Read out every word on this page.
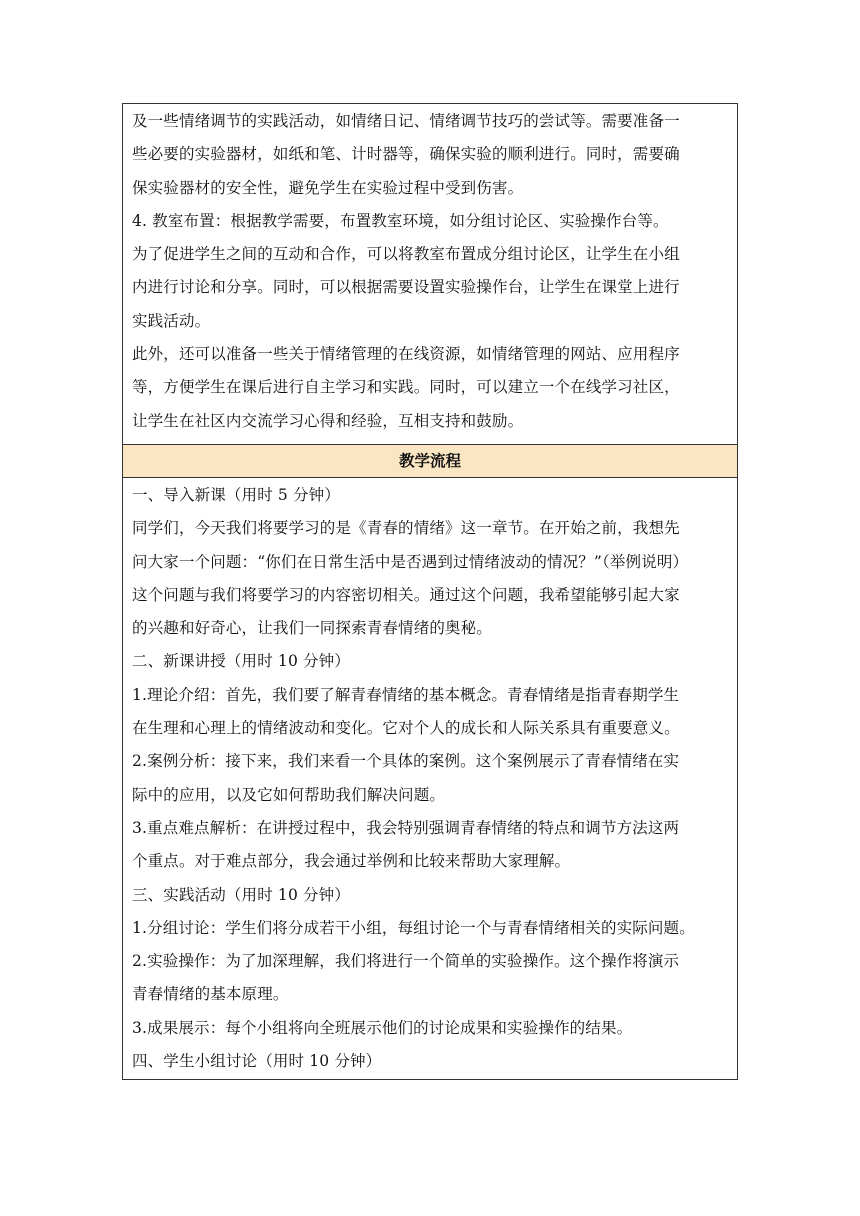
及一些情绪调节的实践活动，如情绪日记、情绪调节技巧的尝试等。需要准备一
些必要的实验器材，如纸和笔、计时器等，确保实验的顺利进行。同时，需要确
保实验器材的安全性，避免学生在实验过程中受到伤害。
4. 教室布置：根据教学需要，布置教室环境，如分组讨论区、实验操作台等。
为了促进学生之间的互动和合作，可以将教室布置成分组讨论区，让学生在小组
内进行讨论和分享。同时，可以根据需要设置实验操作台，让学生在课堂上进行
实践活动。
此外，还可以准备一些关于情绪管理的在线资源，如情绪管理的网站、应用程序
等，方便学生在课后进行自主学习和实践。同时，可以建立一个在线学习社区，
让学生在社区内交流学习心得和经验，互相支持和鼓励。
教学流程
一、导入新课（用时 5 分钟）
同学们，今天我们将要学习的是《青春的情绪》这一章节。在开始之前，我想先
问大家一个问题：“你们在日常生活中是否遇到过情绪波动的情况？”（举例说明）
这个问题与我们将要学习的内容密切相关。通过这个问题，我希望能够引起大家
的兴趣和好奇心，让我们一同探索青春情绪的奥秘。
二、新课讲授（用时 10 分钟）
1.理论介绍：首先，我们要了解青春情绪的基本概念。青春情绪是指青春期学生
在生理和心理上的情绪波动和变化。它对个人的成长和人际关系具有重要意义。
2.案例分析：接下来，我们来看一个具体的案例。这个案例展示了青春情绪在实
际中的应用，以及它如何帮助我们解决问题。
3.重点难点解析：在讲授过程中，我会特别强调青春情绪的特点和调节方法这两
个重点。对于难点部分，我会通过举例和比较来帮助大家理解。
三、实践活动（用时 10 分钟）
1.分组讨论：学生们将分成若干小组，每组讨论一个与青春情绪相关的实际问题。
2.实验操作：为了加深理解，我们将进行一个简单的实验操作。这个操作将演示
青春情绪的基本原理。
3.成果展示：每个小组将向全班展示他们的讨论成果和实验操作的结果。
四、学生小组讨论（用时 10 分钟）
